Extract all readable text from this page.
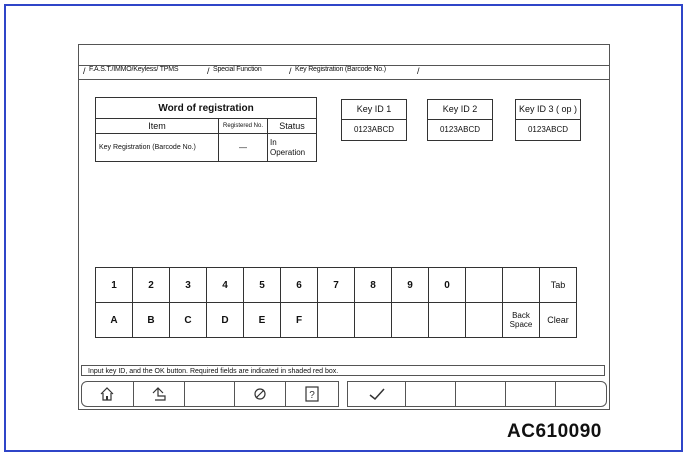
/ F.A.S.T./IMMO/Keyless/ TPMS	/ Special Function	/ Key Registration (Barcode No.)	/
Word of registration		
Item	Registered No.	Status
Key Registration (Barcode No.)	—	In
Operation
Key ID 1
0123ABCD
Key ID 2
0123ABCD
Key ID 3 ( op )
0123ABCD
1	2	3	4	5	6	7	8	9	0			Tab
A	B	C	D	E	F						Back Space	Clear
Input key ID, and the OK button. Required fields are indicated in shaded red box.
?
AC610090
